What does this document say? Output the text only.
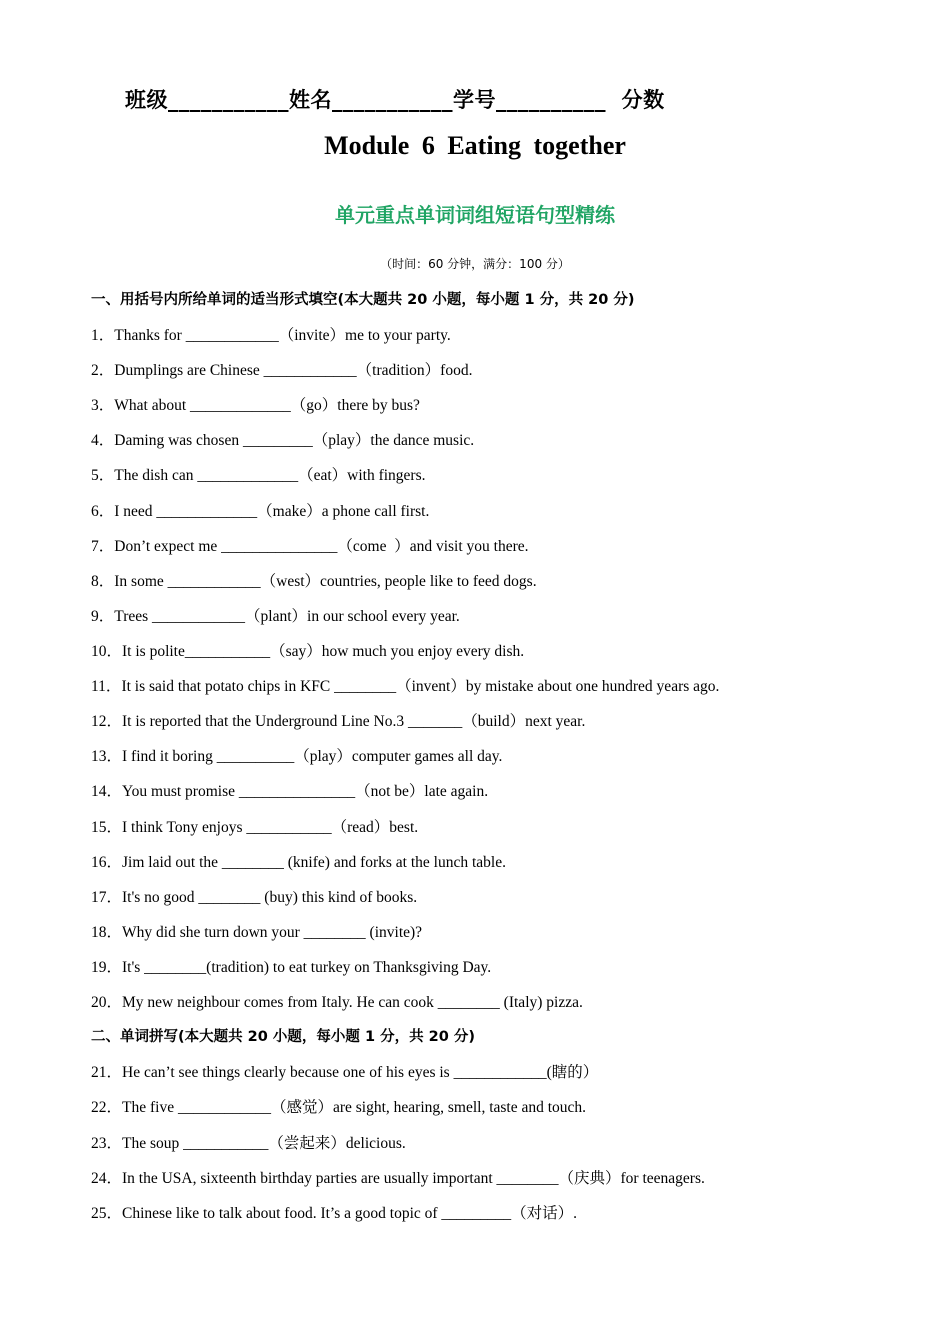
班级___________姓名___________学号__________  分数
Module 6 Eating together
单元重点单词词组短语句型精练
（时间：60 分钟，满分：100 分）
一、用括号内所给单词的适当形式填空(本大题共 20 小题，每小题 1 分，共 20 分)
1．Thanks for ____________（invite）me to your party.
2．Dumplings are Chinese ____________（tradition）food.
3．What about _____________（go）there by bus?
4．Daming was chosen _________（play）the dance music.
5．The dish can _____________（eat）with fingers.
6．I need _____________（make）a phone call first.
7．Don’t expect me _______________（come  ）and visit you there.
8．In some ____________（west）countries, people like to feed dogs.
9．Trees ____________（plant）in our school every year.
10．It is polite___________（say）how much you enjoy every dish.
11．It is said that potato chips in KFC ________（invent）by mistake about one hundred years ago.
12．It is reported that the Underground Line No.3 _______（build）next year.
13．I find it boring __________（play）computer games all day.
14．You must promise _______________（not be）late again.
15．I think Tony enjoys ___________（read）best.
16．Jim laid out the ________ (knife) and forks at the lunch table.
17．It's no good ________ (buy) this kind of books.
18．Why did she turn down your ________ (invite)?
19．It's ________(tradition) to eat turkey on Thanksgiving Day.
20．My new neighbour comes from Italy. He can cook ________ (Italy) pizza.
二、单词拼写(本大题共 20 小题，每小题 1 分，共 20 分)
21．He can’t see things clearly because one of his eyes is ____________(瞎的）
22．The five ____________（感觉）are sight, hearing, smell, taste and touch.
23．The soup ___________（尝起来）delicious.
24．In the USA, sixteenth birthday parties are usually important ________（庆典）for teenagers.
25．Chinese like to talk about food. It’s a good topic of _________（对话）.
